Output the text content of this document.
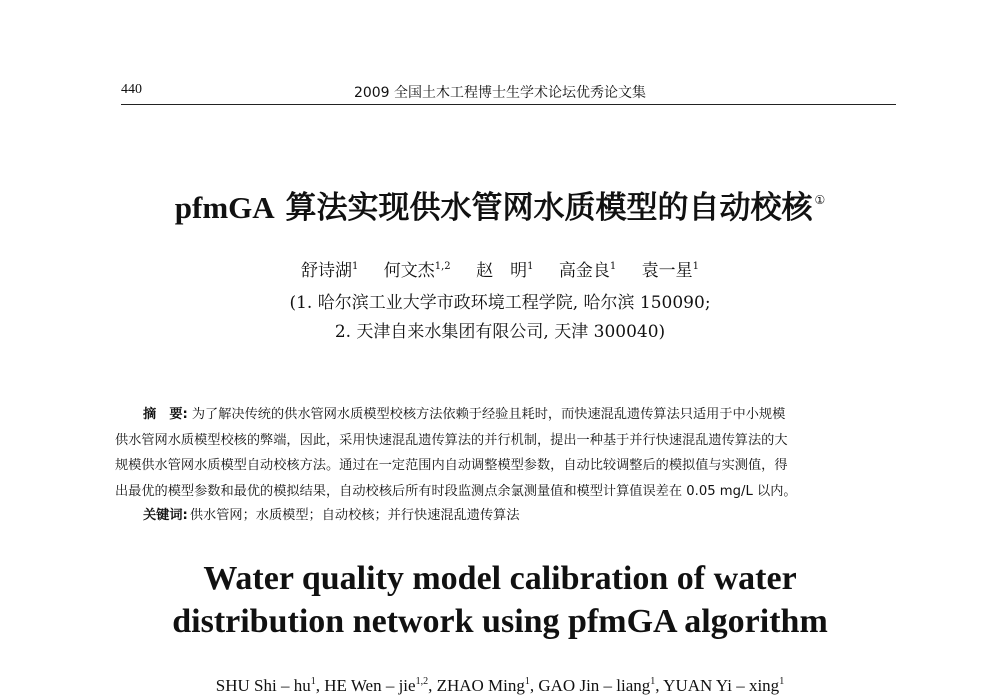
440	2009 全国土木工程博士生学术论坛优秀论文集
pfmGA 算法实现供水管网水质模型的自动校核 ①
舒诗湖$^1$ 何文杰$^{1,2}$ 赵　明$^1$ 高金良$^1$ 袁一星$^1$
(1. 哈尔滨工业大学市政环境工程学院, 哈尔滨 150090;
2. 天津自来水集团有限公司, 天津 300040)
摘　要: 为了解决传统的供水管网水质模型校核方法依赖于经验且耗时，而快速混乱遗传算法只适用于中小规模
供水管网水质模型校核的弊端，因此，采用快速混乱遗传算法的并行机制，提出一种基于并行快速混乱遗传算法的大
规模供水管网水质模型自动校核方法。通过在一定范围内自动调整模型参数，自动比较调整后的模拟值与实测值，得
出最优的模型参数和最优的模拟结果，自动校核后所有时段监测点余氯测量值和模型计算值误差在 0.05 mg/L 以内。
关键词: 供水管网；水质模型；自动校核；并行快速混乱遗传算法
Water quality model calibration of water
distribution network using pfmGA algorithm
SHU Shi – $hu^1$, HE Wen – jie$^{1,2}$, ZHAO Ming$^1$, GAO Jin – liang$^1$, YUAN Yi – xing$^1$
